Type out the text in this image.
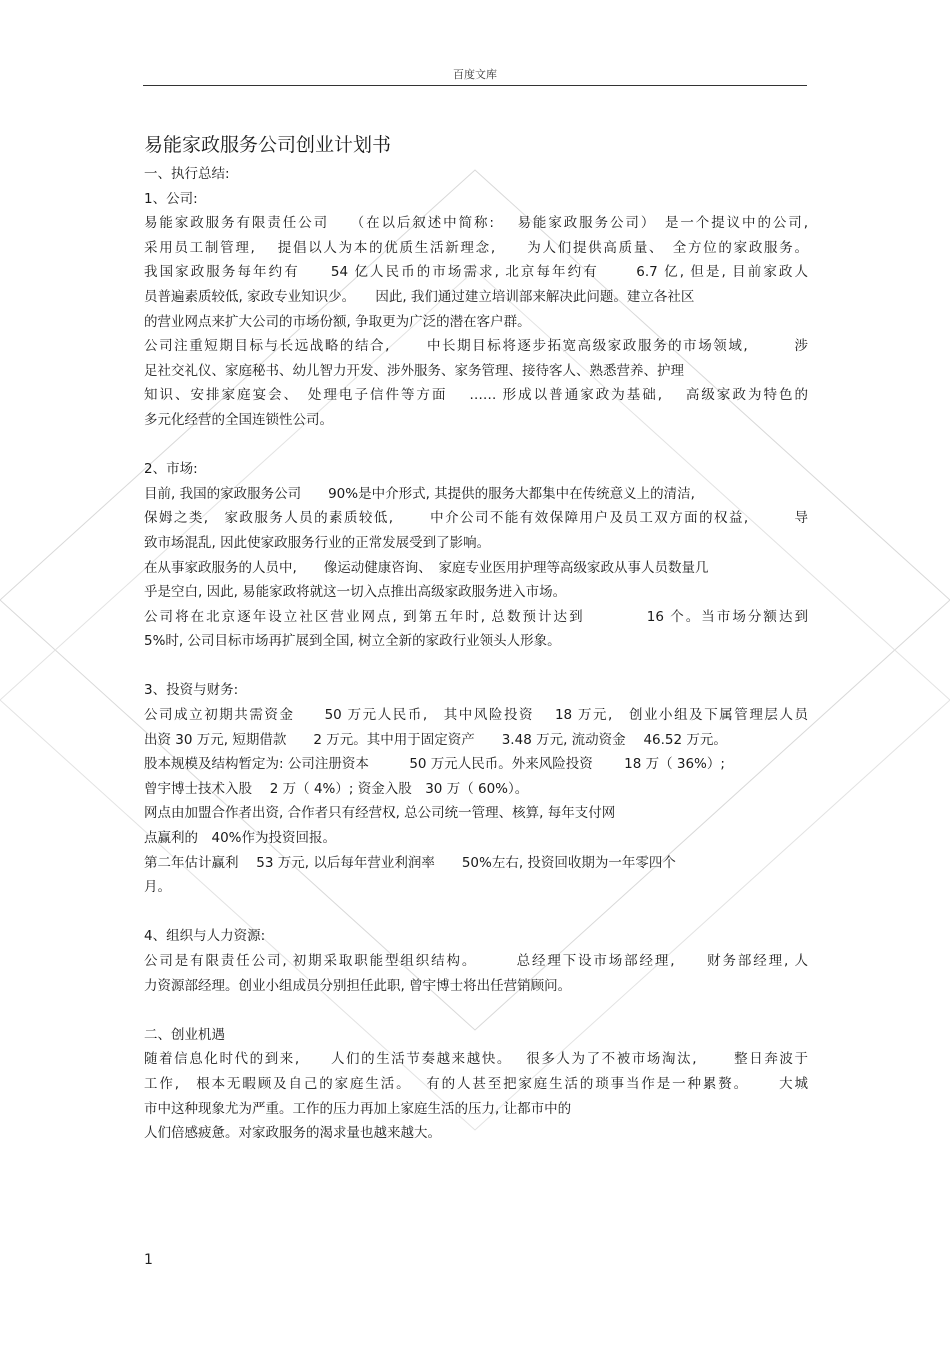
百度文库
易能家政服务公司创业计划书
一、执行总结:
1、公司:
易能家政服务有限责任公司　 （在以后叙述中简称:　 易能家政服务公司）　是一个提议中的公司,
采用员工制管理,　 提倡以人为本的优质生活新理念,　　为人们提供高质量、　全方位的家政服务。
我国家政服务每年约有　　54 亿人民币的市场需求, 北京每年约有　　 6.7 亿, 但是, 目前家政人
员普遍素质较低, 家政专业知识少。　　因此, 我们通过建立培训部来解决此问题。建立各社区
的营业网点来扩大公司的市场份额, 争取更为广泛的潜在客户群。
公司注重短期目标与长远战略的结合,　　 中长期目标将逐步拓宽高级家政服务的市场领域,　　　涉
足社交礼仪、家庭秘书、幼儿智力开发、涉外服务、家务管理、接待客人、熟悉营养、护理
知识、安排家庭宴会、　处理电子信件等方面　 …… 形成以普通家政为基础,　 高级家政为特色的
多元化经营的全国连锁性公司。
2、市场:
目前, 我国的家政服务公司　　90%是中介形式, 其提供的服务大都集中在传统意义上的清洁,
保姆之类,　家政服务人员的素质较低,　　 中介公司不能有效保障用户及员工双方面的权益,　　　导
致市场混乱, 因此使家政服务行业的正常发展受到了影响。
在从事家政服务的人员中,　　像运动健康咨询、　家庭专业医用护理等高级家政从事人员数量几
乎是空白, 因此, 易能家政将就这一切入点推出高级家政服务进入市场。
公司将在北京逐年设立社区营业网点, 到第五年时, 总数预计达到　　　　16 个。当市场分额达到
5%时, 公司目标市场再扩展到全国, 树立全新的家政行业领头人形象。
3、投资与财务:
公司成立初期共需资金　　50 万元人民币,　其中风险投资　 18 万元,　创业小组及下属管理层人员
出资 30 万元, 短期借款　　2 万元。其中用于固定资产　　3.48 万元, 流动资金　 46.52 万元。
股本规模及结构暂定为: 公司注册资本　　　50 万元人民币。外来风险投资　　 18 万（ 36%）;
曾宇博士技术入股　 2 万（ 4%）; 资金入股　30 万（ 60%）。
网点由加盟合作者出资, 合作者只有经营权, 总公司统一管理、核算, 每年支付网
点赢利的　40%作为投资回报。
第二年估计赢利　 53 万元, 以后每年营业利润率　　50%左右, 投资回收期为一年零四个
月。
4、组织与人力资源:
公司是有限责任公司, 初期采取职能型组织结构。　　　总经理下设市场部经理,　　财务部经理, 人
力资源部经理。创业小组成员分别担任此职, 曾宇博士将出任营销顾问。
二、创业机遇
随着信息化时代的到来,　　人们的生活节奏越来越快。　 很多人为了不被市场淘汰,　　 整日奔波于
工作,　根本无暇顾及自己的家庭生活。　 有的人甚至把家庭生活的琐事当作是一种累赘。　　 大城
市中这种现象尤为严重。工作的压力再加上家庭生活的压力, 让都市中的
人们倍感疲惫。对家政服务的渴求量也越来越大。
1
